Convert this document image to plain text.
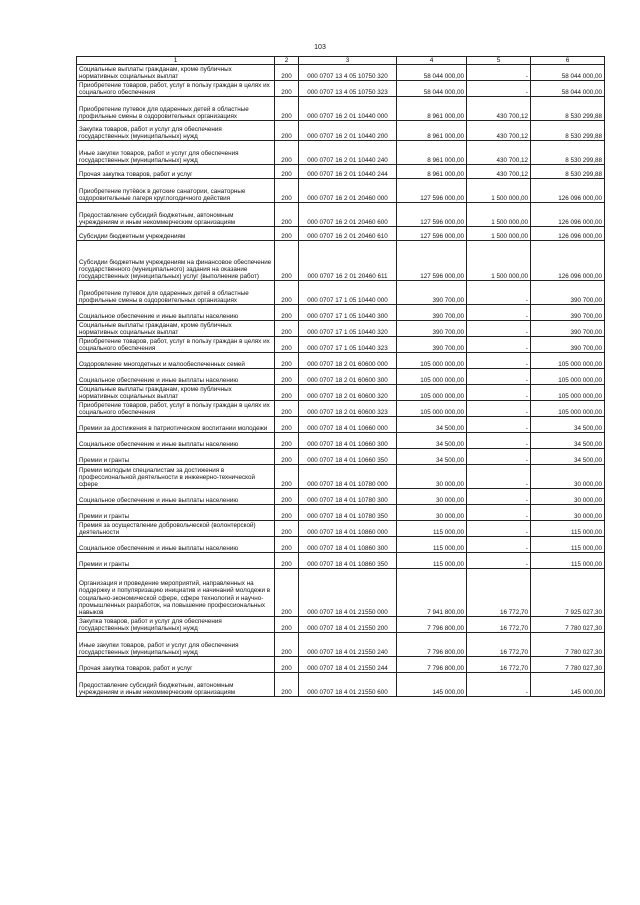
103
1	2	3	4	5	6
Социальные выплаты гражданам, кроме публичных нормативных социальных выплат	200	000 0707 13 4 05 10750 320	58 044 000,00	-	58 044 000,00
Приобретение товаров, работ, услуг в пользу граждан в целях их социального обеспечения	200	000 0707 13 4 05 10750 323	58 044 000,00	-	58 044 000,00
Приобретение путевок для одаренных детей в областные профильные смены в оздоровительных организациях	200	000 0707 16 2 01 10440 000	8 961 000,00	430 700,12	8 530 299,88
Закупка товаров, работ и услуг для обеспечения государственных (муниципальных) нужд	200	000 0707 16 2 01 10440 200	8 961 000,00	430 700,12	8 530 299,88
Иные закупки товаров, работ и услуг для обеспечения государственных (муниципальных) нужд	200	000 0707 16 2 01 10440 240	8 961 000,00	430 700,12	8 530 299,88
Прочая закупка товаров, работ и услуг	200	000 0707 16 2 01 10440 244	8 961 000,00	430 700,12	8 530 299,88
Приобретение путёвок в детские санатории, санаторные оздоровительные лагеря круглогодичного действия	200	000 0707 16 2 01 20460 000	127 596 000,00	1 500 000,00	126 096 000,00
Предоставление субсидий бюджетным, автономным учреждениям и иным некоммерческим организациям	200	000 0707 16 2 01 20460 600	127 596 000,00	1 500 000,00	126 096 000,00
Субсидии бюджетным учреждениям	200	000 0707 16 2 01 20460 610	127 596 000,00	1 500 000,00	126 096 000,00
Субсидии бюджетным учреждениям на финансовое обеспечение государственного (муниципального) задания на оказание государственных (муниципальных) услуг (выполнение работ)	200	000 0707 16 2 01 20460 611	127 596 000,00	1 500 000,00	126 096 000,00
Приобретение путевок для одаренных детей в областные профильные смены в оздоровительных организациях	200	000 0707 17 1 05 10440 000	390 700,00	-	390 700,00
Социальное обеспечение и иные выплаты населению	200	000 0707 17 1 05 10440 300	390 700,00	-	390 700,00
Социальные выплаты гражданам, кроме публичных нормативных социальных выплат	200	000 0707 17 1 05 10440 320	390 700,00	-	390 700,00
Приобретение товаров, работ, услуг в пользу граждан в целях их социального обеспечения	200	000 0707 17 1 05 10440 323	390 700,00	-	390 700,00
Оздоровление многодетных и малообеспеченных семей	200	000 0707 18 2 01 60600 000	105 000 000,00	-	105 000 000,00
Социальное обеспечение и иные выплаты населению	200	000 0707 18 2 01 60600 300	105 000 000,00	-	105 000 000,00
Социальные выплаты гражданам, кроме публичных нормативных социальных выплат	200	000 0707 18 2 01 60600 320	105 000 000,00	-	105 000 000,00
Приобретение товаров, работ, услуг в пользу граждан в целях их социального обеспечения	200	000 0707 18 2 01 60600 323	105 000 000,00	-	105 000 000,00
Премии за достижения в патриотическом воспитании молодежи	200	000 0707 18 4 01 10660 000	34 500,00	-	34 500,00
Социальное обеспечение и иные выплаты населению	200	000 0707 18 4 01 10660 300	34 500,00	-	34 500,00
Премии и гранты	200	000 0707 18 4 01 10660 350	34 500,00	-	34 500,00
Премии молодым специалистам за достижения в профессиональной деятельности в инженерно-технической сфере	200	000 0707 18 4 01 10780 000	30 000,00	-	30 000,00
Социальное обеспечение и иные выплаты населению	200	000 0707 18 4 01 10780 300	30 000,00	-	30 000,00
Премии и гранты	200	000 0707 18 4 01 10780 350	30 000,00	-	30 000,00
Премия за осуществление добровольческой (волонтерской) деятельности	200	000 0707 18 4 01 10860 000	115 000,00	-	115 000,00
Социальное обеспечение и иные выплаты населению	200	000 0707 18 4 01 10860 300	115 000,00	-	115 000,00
Премии и гранты	200	000 0707 18 4 01 10860 350	115 000,00	-	115 000,00
Организация и проведение мероприятий, направленных на поддержку и популяризацию инициатив и начинаний молодежи в социально-экономической сфере, сфере технологий и научно-промышленных разработок, на повышение профессиональных навыков	200	000 0707 18 4 01 21550 000	7 941 800,00	16 772,70	7 925 027,30
Закупка товаров, работ и услуг для обеспечения государственных (муниципальных) нужд	200	000 0707 18 4 01 21550 200	7 796 800,00	16 772,70	7 780 027,30
Иные закупки товаров, работ и услуг для обеспечения государственных (муниципальных) нужд	200	000 0707 18 4 01 21550 240	7 796 800,00	16 772,70	7 780 027,30
Прочая закупка товаров, работ и услуг	200	000 0707 18 4 01 21550 244	7 796 800,00	16 772,70	7 780 027,30
Предоставление субсидий бюджетным, автономным учреждениям и иным некоммерческим организациям	200	000 0707 18 4 01 21550 600	145 000,00	-	145 000,00
